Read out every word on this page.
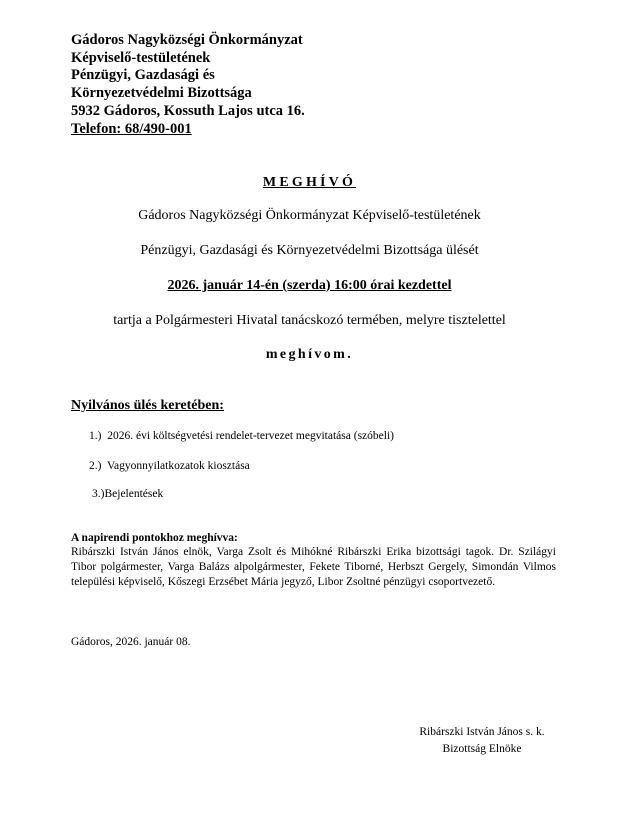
Gádoros Nagyközségi Önkormányzat
Képviselő-testületének
Pénzügyi, Gazdasági és
Környezetvédelmi Bizottsága
5932 Gádoros, Kossuth Lajos utca 16.
Telefon: 68/490-001
MEGHÍVÓ
Gádoros Nagyközségi Önkormányzat Képviselő-testületének
Pénzügyi, Gazdasági és Környezetvédelmi Bizottsága ülését
2026. január 14-én (szerda) 16:00 órai kezdettel
tartja a Polgármesteri Hivatal tanácskozó termében, melyre tisztelettel
meghívom.
Nyilvános ülés keretében:
1.) 2026. évi költségvetési rendelet-tervezet megvitatása (szóbeli)
2.) Vagyonnyilatkozatok kiosztása
3.)Bejelentések
A napirendi pontokhoz meghívva:
Ribárszki István János elnök, Varga Zsolt és Mihókné Ribárszki Erika bizottsági tagok. Dr. Szilágyi Tibor polgármester, Varga Balázs alpolgármester, Fekete Tiborné, Herbszt Gergely, Simondán Vilmos települési képviselő, Kőszegi Erzsébet Mária jegyző, Libor Zsoltné pénzügyi csoportvezető.
Gádoros, 2026. január 08.
Ribárszki István János s. k.
Bizottság Elnöke
